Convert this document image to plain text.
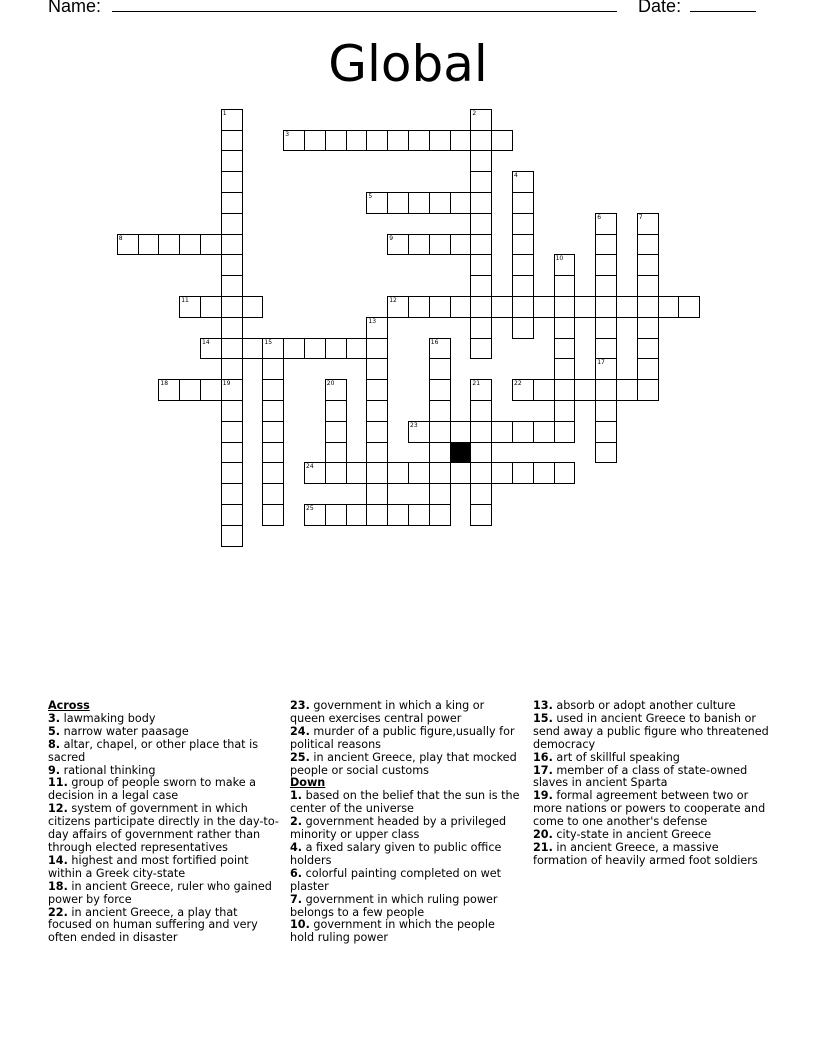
Name:	Date:
Global
1
19
2
3
4
5
6	7
8	9
10
11	12
13
14	15	16
17
18	20	21	22
23
24
25
Across
3. lawmaking body
5. narrow water paasage
8. altar, chapel, or other place that is sacred
9. rational thinking
11. group of people sworn to make a decision in a legal case
12. system of government in which citizens participate directly in the day-to-day affairs of government rather than through elected representatives
14. highest and most fortified point within a Greek city-state
18. in ancient Greece, ruler who gained power by force
22. in ancient Greece, a play that focused on human suffering and very often ended in disaster
23. government in which a king or queen exercises central power
24. murder of a public figure,usually for political reasons
25. in ancient Greece, play that mocked people or social customs
Down
1. based on the belief that the sun is the center of the universe
2. government headed by a privileged minority or upper class
4. a fixed salary given to public office holders
6. colorful painting completed on wet plaster
7. government in which ruling power belongs to a few people
10. government in which the people hold ruling power
13. absorb or adopt another culture
15. used in ancient Greece to banish or send away a public figure who threatened democracy
16. art of skillful speaking
17. member of a class of state-owned slaves in ancient Sparta
19. formal agreement between two or more nations or powers to cooperate and come to one another's defense
20. city-state in ancient Greece
21. in ancient Greece, a massive formation of heavily armed foot soldiers
